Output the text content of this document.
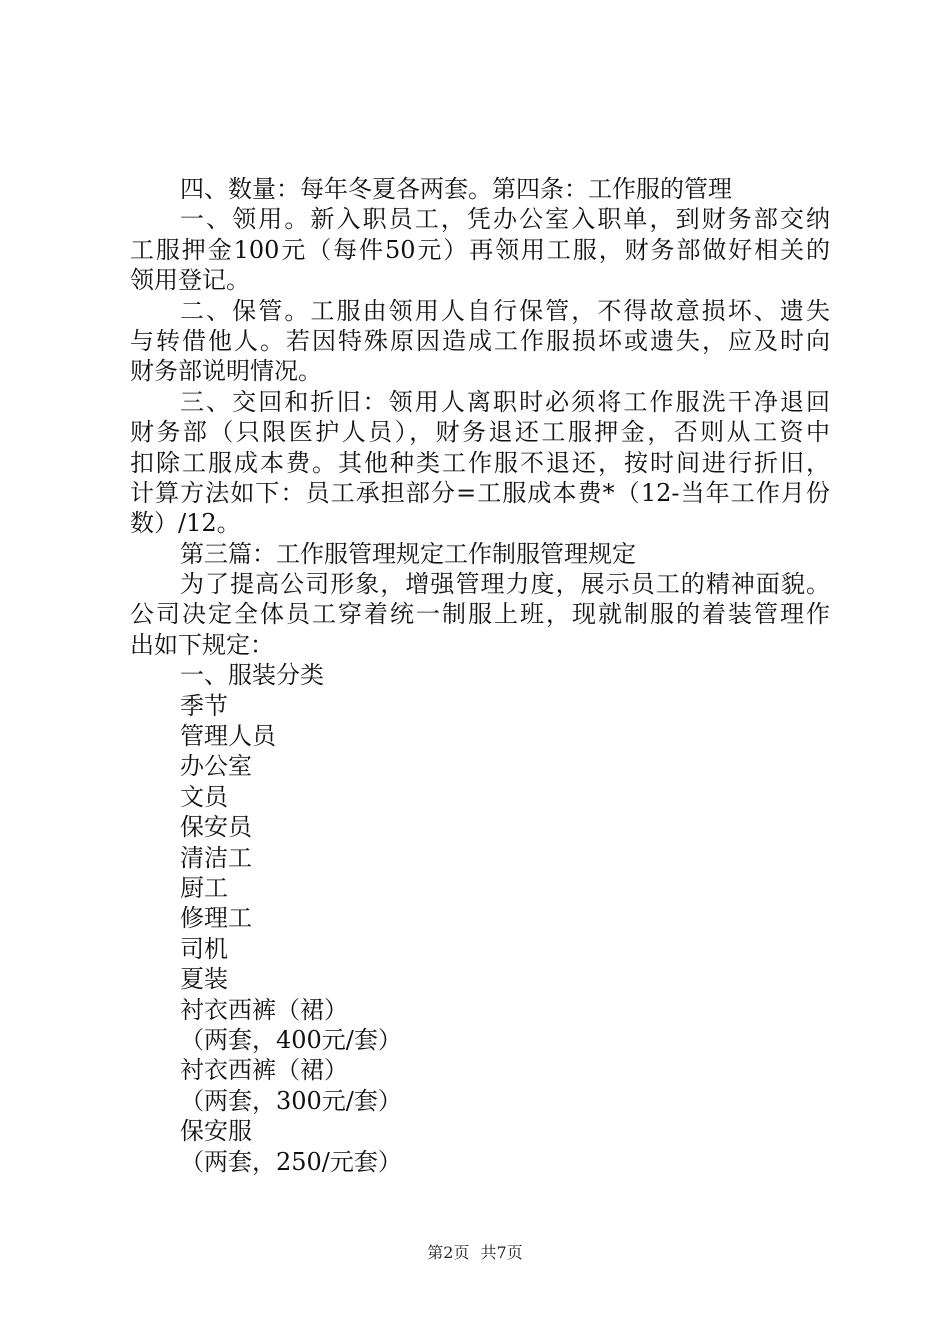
四、数量：每年冬夏各两套。第四条：工作服的管理
一、领用。新入职员工，凭办公室入职单，到财务部交纳
工服押金100元（每件50元）再领用工服，财务部做好相关的
领用登记。
二、保管。工服由领用人自行保管，不得故意损坏、遗失
与转借他人。若因特殊原因造成工作服损坏或遗失，应及时向
财务部说明情况。
三、交回和折旧：领用人离职时必须将工作服洗干净退回
财务部（只限医护人员），财务退还工服押金，否则从工资中
扣除工服成本费。其他种类工作服不退还，按时间进行折旧，
计算方法如下：员工承担部分=工服成本费*（12-当年工作月份
数）/12。
第三篇：工作服管理规定工作制服管理规定
为了提高公司形象，增强管理力度，展示员工的精神面貌。
公司决定全体员工穿着统一制服上班，现就制服的着装管理作
出如下规定：
一、服装分类
季节
管理人员
办公室
文员
保安员
清洁工
厨工
修理工
司机
夏装
衬衣西裤（裙）
（两套，400元/套）
衬衣西裤（裙）
（两套，300元/套）
保安服
（两套，250/元套）
第2页 共7页
